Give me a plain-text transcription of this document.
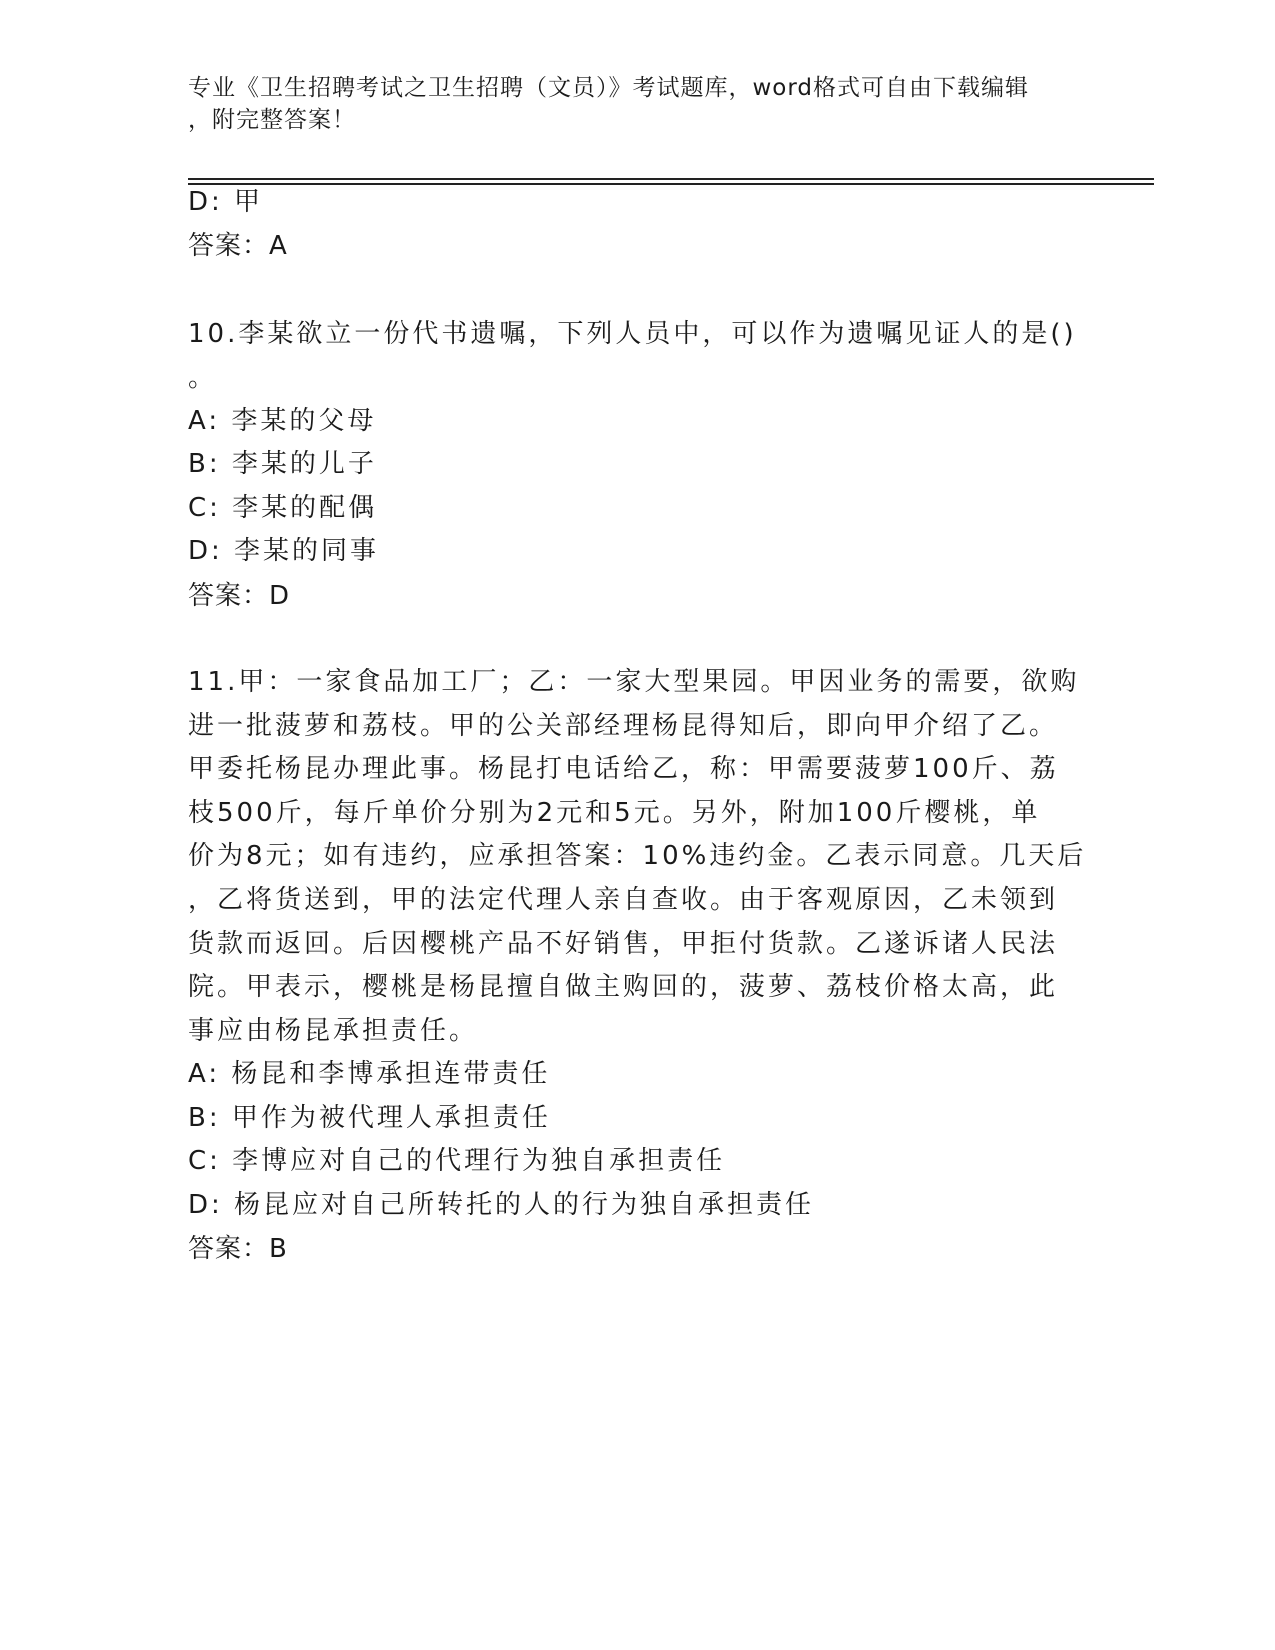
专业《卫生招聘考试之卫生招聘（文员）》考试题库，word格式可自由下载编辑
，附完整答案！
D: 甲
答案：A
10.李某欲立一份代书遗嘱，下列人员中，可以作为遗嘱见证人的是()
。
A: 李某的父母
B: 李某的儿子
C: 李某的配偶
D: 李某的同事
答案：D
11.甲：一家食品加工厂；乙：一家大型果园。甲因业务的需要，欲购
进一批菠萝和荔枝。甲的公关部经理杨昆得知后，即向甲介绍了乙。
甲委托杨昆办理此事。杨昆打电话给乙，称：甲需要菠萝100斤、荔
枝500斤，每斤单价分别为2元和5元。另外，附加100斤樱桃，单
价为8元；如有违约，应承担答案：10%违约金。乙表示同意。几天后
，乙将货送到，甲的法定代理人亲自查收。由于客观原因，乙未领到
货款而返回。后因樱桃产品不好销售，甲拒付货款。乙遂诉诸人民法
院。甲表示，樱桃是杨昆擅自做主购回的，菠萝、荔枝价格太高，此
事应由杨昆承担责任。
A: 杨昆和李博承担连带责任
B: 甲作为被代理人承担责任
C: 李博应对自己的代理行为独自承担责任
D: 杨昆应对自己所转托的人的行为独自承担责任
答案：B
